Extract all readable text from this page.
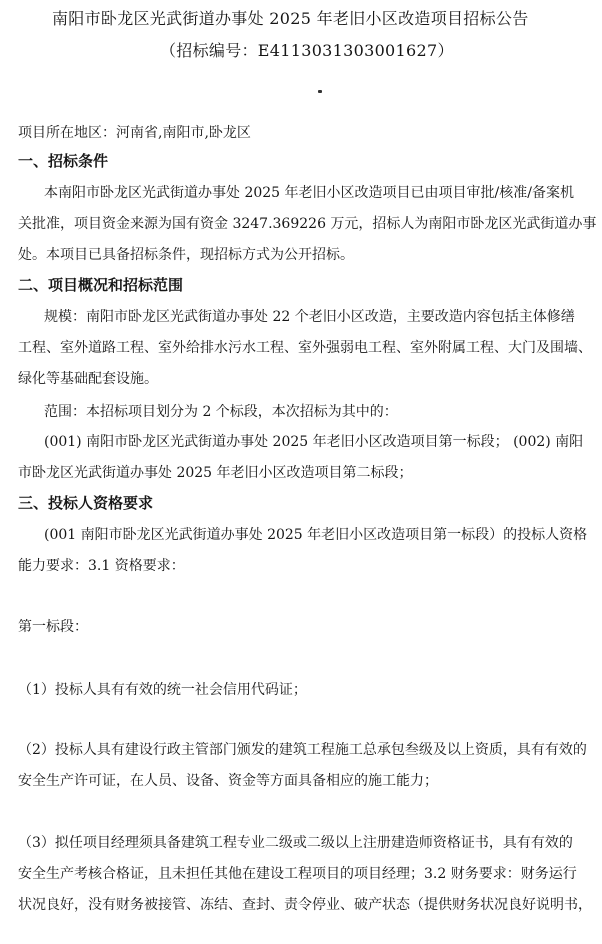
南阳市卧龙区光武街道办事处 2025 年老旧小区改造项目招标公告
（招标编号：E4113031303001627）
项目所在地区：河南省,南阳市,卧龙区
一、招标条件
本南阳市卧龙区光武街道办事处 2025 年老旧小区改造项目已由项目审批/核准/备案机
关批准，项目资金来源为国有资金 3247.369226 万元，招标人为南阳市卧龙区光武街道办事
处。本项目已具备招标条件，现招标方式为公开招标。
二、项目概况和招标范围
规模：南阳市卧龙区光武街道办事处 22 个老旧小区改造，主要改造内容包括主体修缮
工程、室外道路工程、室外给排水污水工程、室外强弱电工程、室外附属工程、大门及围墙、
绿化等基础配套设施。
范围：本招标项目划分为 2 个标段，本次招标为其中的：
(001) 南阳市卧龙区光武街道办事处 2025 年老旧小区改造项目第一标段； (002) 南阳
市卧龙区光武街道办事处 2025 年老旧小区改造项目第二标段；
三、投标人资格要求
(001 南阳市卧龙区光武街道办事处 2025 年老旧小区改造项目第一标段）的投标人资格
能力要求：3.1 资格要求：
第一标段：
（1）投标人具有有效的统一社会信用代码证；
（2）投标人具有建设行政主管部门颁发的建筑工程施工总承包叁级及以上资质，具有有效的
安全生产许可证，在人员、设备、资金等方面具备相应的施工能力；
（3）拟任项目经理须具备建筑工程专业二级或二级以上注册建造师资格证书，具有有效的
安全生产考核合格证，且未担任其他在建设工程项目的项目经理；3.2 财务要求：财务运行
状况良好，没有财务被接管、冻结、查封、责令停业、破产状态（提供财务状况良好说明书，
